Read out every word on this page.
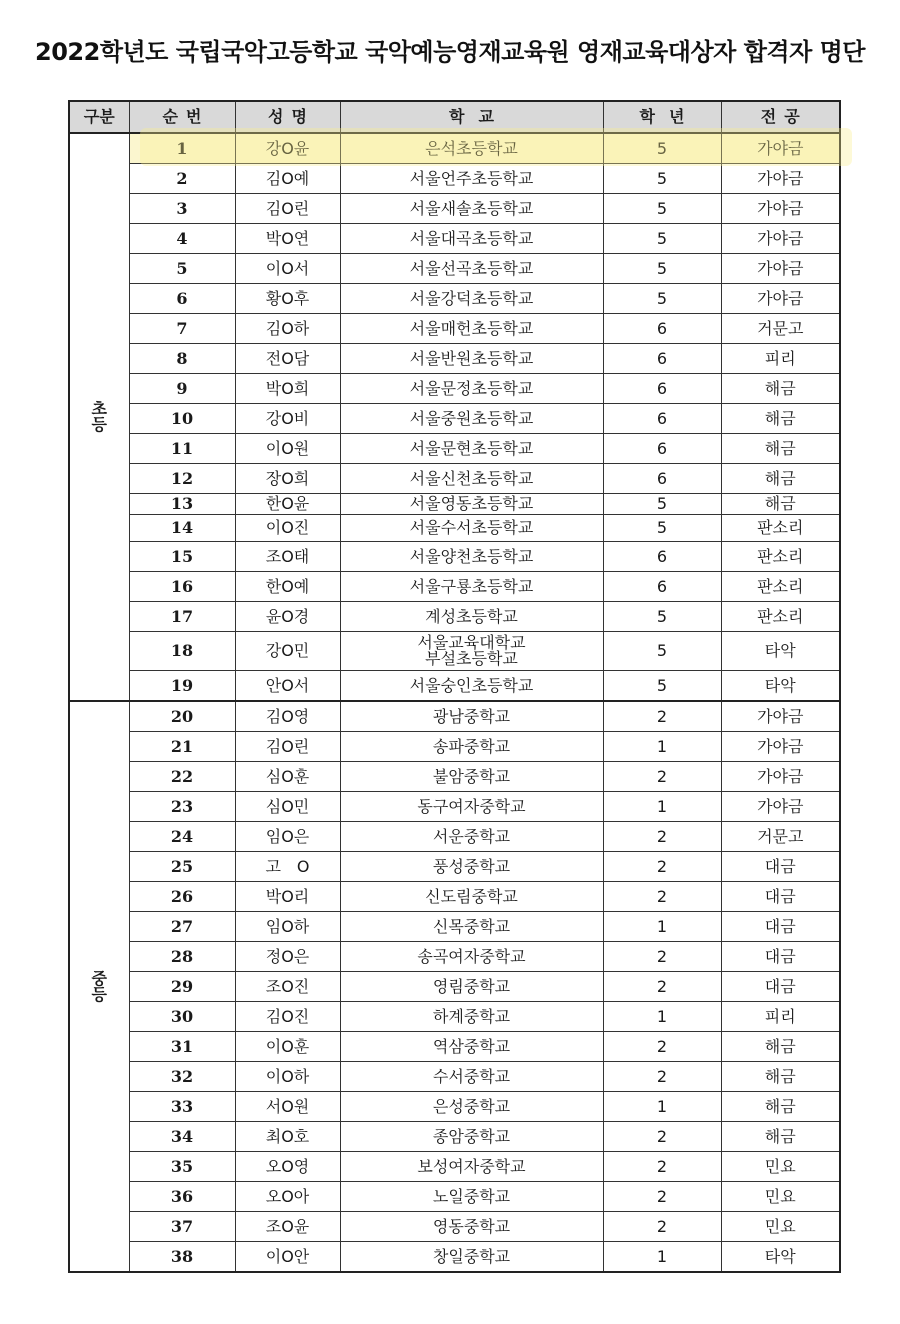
2022학년도 국립국악고등학교 국악예능영재교육원 영재교육대상자 합격자 명단
구분	순번	성명	학교	학년	전공

초
등	1	강O윤	은석초등학교	5	가야금
	2	김O예	서울언주초등학교	5	가야금
	3	김O린	서울새솔초등학교	5	가야금
	4	박O연	서울대곡초등학교	5	가야금
	5	이O서	서울선곡초등학교	5	가야금
	6	황O후	서울강덕초등학교	5	가야금
	7	김O하	서울매헌초등학교	6	거문고
	8	전O담	서울반원초등학교	6	피리
	9	박O희	서울문정초등학교	6	해금
	10	강O비	서울중원초등학교	6	해금
	11	이O원	서울문현초등학교	6	해금
	12	장O희	서울신천초등학교	6	해금
	13	한O윤	서울영동초등학교	5	해금
	14	이O진	서울수서초등학교	5	판소리
	15	조O태	서울양천초등학교	6	판소리
	16	한O예	서울구룡초등학교	6	판소리
	17	윤O경	계성초등학교	5	판소리
	18	강O민	서울교육대학교
부설초등학교	5	타악
	19	안O서	서울숭인초등학교	5	타악

중
등	20	김O영	광남중학교	2	가야금
	21	김O린	송파중학교	1	가야금
	22	심O훈	불암중학교	2	가야금
	23	심O민	동구여자중학교	1	가야금
	24	임O은	서운중학교	2	거문고
	25	고　O	풍성중학교	2	대금
	26	박O리	신도림중학교	2	대금
	27	임O하	신목중학교	1	대금
	28	정O은	송곡여자중학교	2	대금
	29	조O진	영림중학교	2	대금
	30	김O진	하계중학교	1	피리
	31	이O훈	역삼중학교	2	해금
	32	이O하	수서중학교	2	해금
	33	서O원	은성중학교	1	해금
	34	최O호	종암중학교	2	해금
	35	오O영	보성여자중학교	2	민요
	36	오O아	노일중학교	2	민요
	37	조O윤	영동중학교	2	민요
	38	이O안	창일중학교	1	타악
